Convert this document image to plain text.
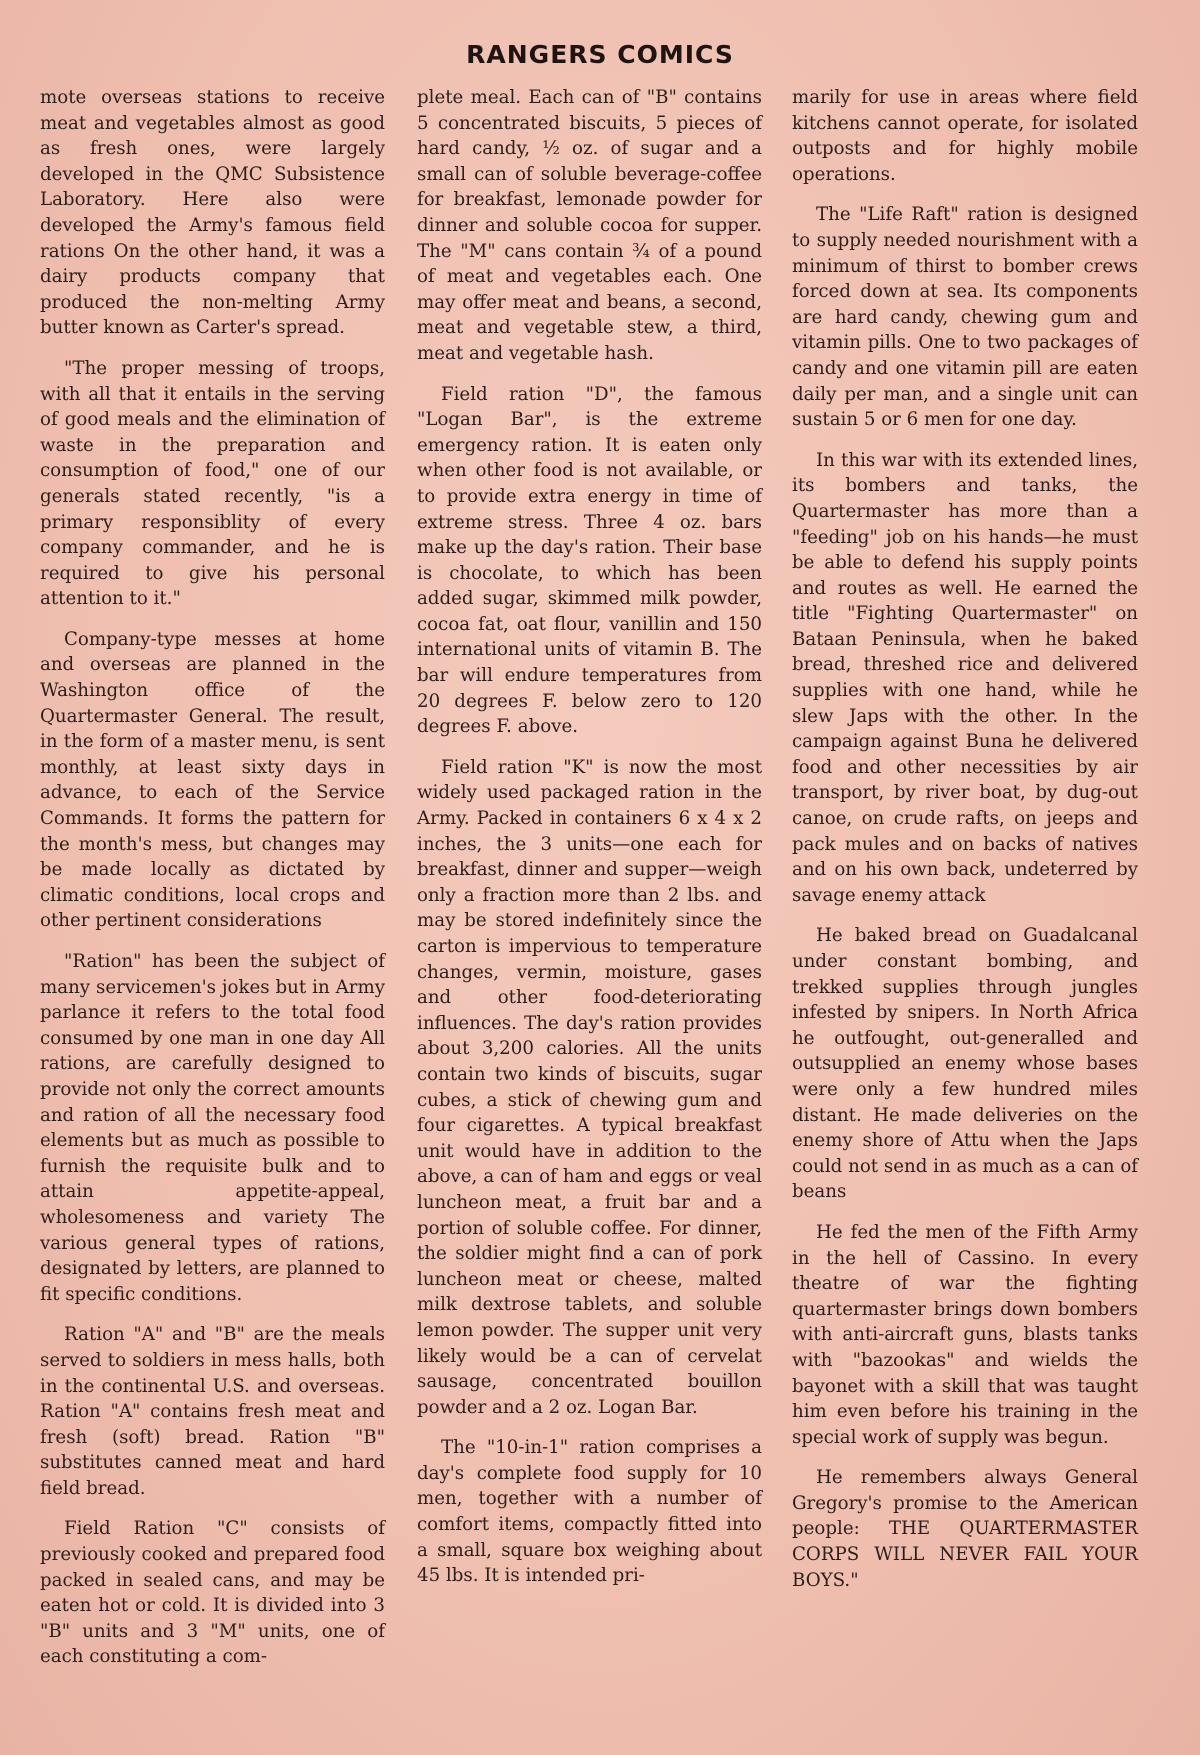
RANGERS COMICS

mote overseas stations to receive meat and vegetables almost as good as fresh ones, were largely developed in the QMC Subsistence Laboratory. Here also were developed the Army's famous field rations On the other hand, it was a dairy products company that produced the non-melting Army butter known as Carter's spread.

"The proper messing of troops, with all that it entails in the serving of good meals and the elimination of waste in the preparation and consumption of food," one of our generals stated recently, "is a primary responsiblity of every company commander, and he is required to give his personal attention to it."

Company-type messes at home and overseas are planned in the Washington office of the Quartermaster General. The result, in the form of a master menu, is sent monthly, at least sixty days in advance, to each of the Service Commands. It forms the pattern for the month's mess, but changes may be made locally as dictated by climatic conditions, local crops and other pertinent considerations

"Ration" has been the subject of many servicemen's jokes but in Army parlance it refers to the total food consumed by one man in one day All rations, are carefully designed to provide not only the correct amounts and ration of all the necessary food elements but as much as possible to furnish the requisite bulk and to attain appetite-appeal, wholesomeness and variety The various general types of rations, designated by letters, are planned to fit specific conditions.

Ration "A" and "B" are the meals served to soldiers in mess halls, both in the continental U.S. and overseas. Ration "A" contains fresh meat and fresh (soft) bread. Ration "B" substitutes canned meat and hard field bread.

Field Ration "C" consists of previously cooked and prepared food packed in sealed cans, and may be eaten hot or cold. It is divided into 3 "B" units and 3 "M" units, one of each constituting a com-

plete meal. Each can of "B" contains 5 concentrated biscuits, 5 pieces of hard candy, ½ oz. of sugar and a small can of soluble beverage-coffee for breakfast, lemonade powder for dinner and soluble cocoa for supper. The "M" cans contain ¾ of a pound of meat and vegetables each. One may offer meat and beans, a second, meat and vegetable stew, a third, meat and vegetable hash.

Field ration "D", the famous "Logan Bar", is the extreme emergency ration. It is eaten only when other food is not available, or to provide extra energy in time of extreme stress. Three 4 oz. bars make up the day's ration. Their base is chocolate, to which has been added sugar, skimmed milk powder, cocoa fat, oat flour, vanillin and 150 international units of vitamin B. The bar will endure temperatures from 20 degrees F. below zero to 120 degrees F. above.

Field ration "K" is now the most widely used packaged ration in the Army. Packed in containers 6 x 4 x 2 inches, the 3 units—one each for breakfast, dinner and supper—weigh only a fraction more than 2 lbs. and may be stored indefinitely since the carton is impervious to temperature changes, vermin, moisture, gases and other food-deteriorating influences. The day's ration provides about 3,200 calories. All the units contain two kinds of biscuits, sugar cubes, a stick of chewing gum and four cigarettes. A typical breakfast unit would have in addition to the above, a can of ham and eggs or veal luncheon meat, a fruit bar and a portion of soluble coffee. For dinner, the soldier might find a can of pork luncheon meat or cheese, malted milk dextrose tablets, and soluble lemon powder. The supper unit very likely would be a can of cervelat sausage, concentrated bouillon powder and a 2 oz. Logan Bar.

The "10-in-1" ration comprises a day's complete food supply for 10 men, together with a number of comfort items, compactly fitted into a small, square box weighing about 45 lbs. It is intended pri-

marily for use in areas where field kitchens cannot operate, for isolated outposts and for highly mobile operations.

The "Life Raft" ration is designed to supply needed nourishment with a minimum of thirst to bomber crews forced down at sea. Its components are hard candy, chewing gum and vitamin pills. One to two packages of candy and one vitamin pill are eaten daily per man, and a single unit can sustain 5 or 6 men for one day.

In this war with its extended lines, its bombers and tanks, the Quartermaster has more than a "feeding" job on his hands—he must be able to defend his supply points and routes as well. He earned the title "Fighting Quartermaster" on Bataan Peninsula, when he baked bread, threshed rice and delivered supplies with one hand, while he slew Japs with the other. In the campaign against Buna he delivered food and other necessities by air transport, by river boat, by dug-out canoe, on crude rafts, on jeeps and pack mules and on backs of natives and on his own back, undeterred by savage enemy attack

He baked bread on Guadalcanal under constant bombing, and trekked supplies through jungles infested by snipers. In North Africa he outfought, out-generalled and outsupplied an enemy whose bases were only a few hundred miles distant. He made deliveries on the enemy shore of Attu when the Japs could not send in as much as a can of beans

He fed the men of the Fifth Army in the hell of Cassino. In every theatre of war the fighting quartermaster brings down bombers with anti-aircraft guns, blasts tanks with "bazookas" and wields the bayonet with a skill that was taught him even before his training in the special work of supply was begun.

He remembers always General Gregory's promise to the American people: THE QUARTERMASTER CORPS WILL NEVER FAIL YOUR BOYS."
